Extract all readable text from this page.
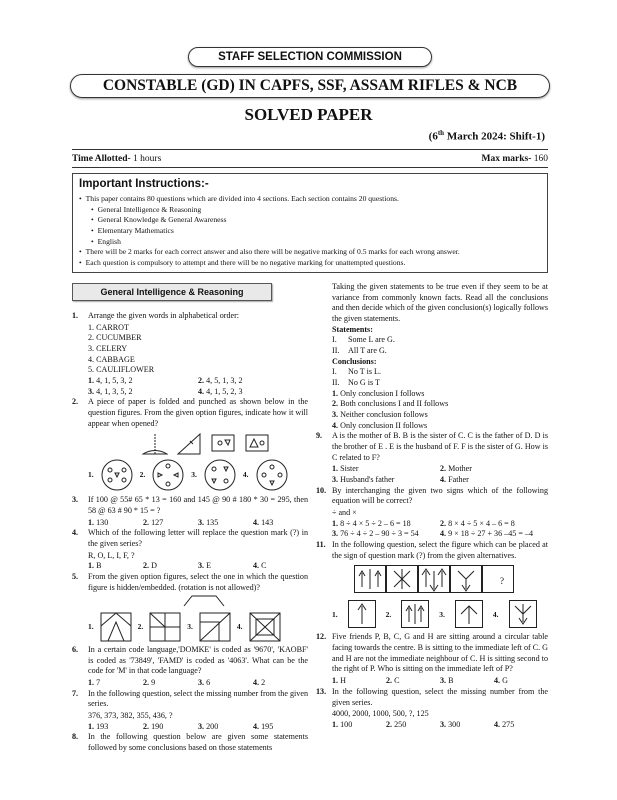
STAFF SELECTION COMMISSION
CONSTABLE (GD) IN CAPFS, SSF, ASSAM RIFLES & NCB
SOLVED PAPER
(6th March 2024: Shift-1)
Time Allotted- 1 hours	Max marks- 160
Important Instructions:-
• This paper contains 80 questions which are divided into 4 sections. Each section contains 20 questions.
• General Intelligence & Reasoning
• General Knowledge & General Awareness
• Elementary Mathematics
• English
• There will be 2 marks for each correct answer and also there will be negative marking of 0.5 marks for each wrong answer.
• Each question is compulsory to attempt and there will be no negative marking for unattempted questions.
General Intelligence & Reasoning
1.	Arrange the given words in alphabetical order:
1. CARROT
2. CUCUMBER
3. CELERY
4. CABBAGE
5. CAULIFLOWER
1. 4, 1, 5, 3, 2	2. 4, 5, 1, 3, 2
3. 4, 1, 3, 5, 2	4. 4, 1, 5, 2, 3
2.	A piece of paper is folded and punched as shown below in the question figures. From the given option figures, indicate how it will appear when opened?
1.	2.	3.	4.
3.	If 100 @ 55# 65 * 13 = 160 and 145 @ 90 # 180 * 30 = 295, then 58 @ 63 # 90 * 15 = ?
1. 130	2. 127	3. 135	4. 143
4.	Which of the following letter will replace the question mark (?) in the given series?
R, O, L, I, F, ?
1. B	2. D	3. E	4. C
5.	From the given option figures, select the one in which the question figure is hidden/embedded. (rotation is not allowed)?
1.	2.	3.	4.
6.	In a certain code language,'DOMKE' is coded as '9670', 'KAOBF' is coded as '73849', 'FAMD' is coded as '4063'. What can be the code for 'M' in that code language?
1. 7	2. 9	3. 6	4. 2
7.	In the following question, select the missing number from the given series.
376, 373, 382, 355, 436, ?
1. 193	2. 190	3. 200	4. 195
8.	In the following question below are given some statements followed by some conclusions based on those statements
Taking the given statements to be true even if they seem to be at variance from commonly known facts. Read all the conclusions and then decide which of the given conclusion(s) logically follows the given statements.
Statements:
I. Some L are G.
II. All T are G.
Conclusions:
I. No T is L.
II. No G is T
1. Only conclusion I follows
2. Both conclusions I and II follows
3. Neither conclusion follows
4. Only conclusion II follows
9.	A is the mother of B. B is the sister of C. C is the father of D. D is the brother of E . E is the husband of F. F is the sister of G. How is C related to F?
1. Sister	2. Mother
3. Husband's father	4. Father
10. By interchanging the given two signs which of the following equation will be correct?
÷ and ×
1. 8 ÷ 4 × 5 ÷ 2 – 6 = 18	2. 8 × 4 ÷ 5 × 4 – 6 = 8
3. 76 ÷ 4 ÷ 2 – 90 ÷ 3 = 54	4. 9 × 18 ÷ 27 + 36 –45 = –4
11. In the following question, select the figure which can be placed at the sign of question mark (?) from the given alternatives.
?
1.	2.	3.	4.
12. Five friends P, B, C, G and H are sitting around a circular table facing towards the centre. B is sitting to the immediate left of C. G and H are not the immediate neighbour of C. H is sitting second to the right of P. Who is sitting on the immediate left of P?
1. H	2. C	3. B	4. G
13. In the following question, select the missing number from the given series.
4000, 2000, 1000, 500, ?, 125
1. 100	2. 250	3. 300	4. 275
